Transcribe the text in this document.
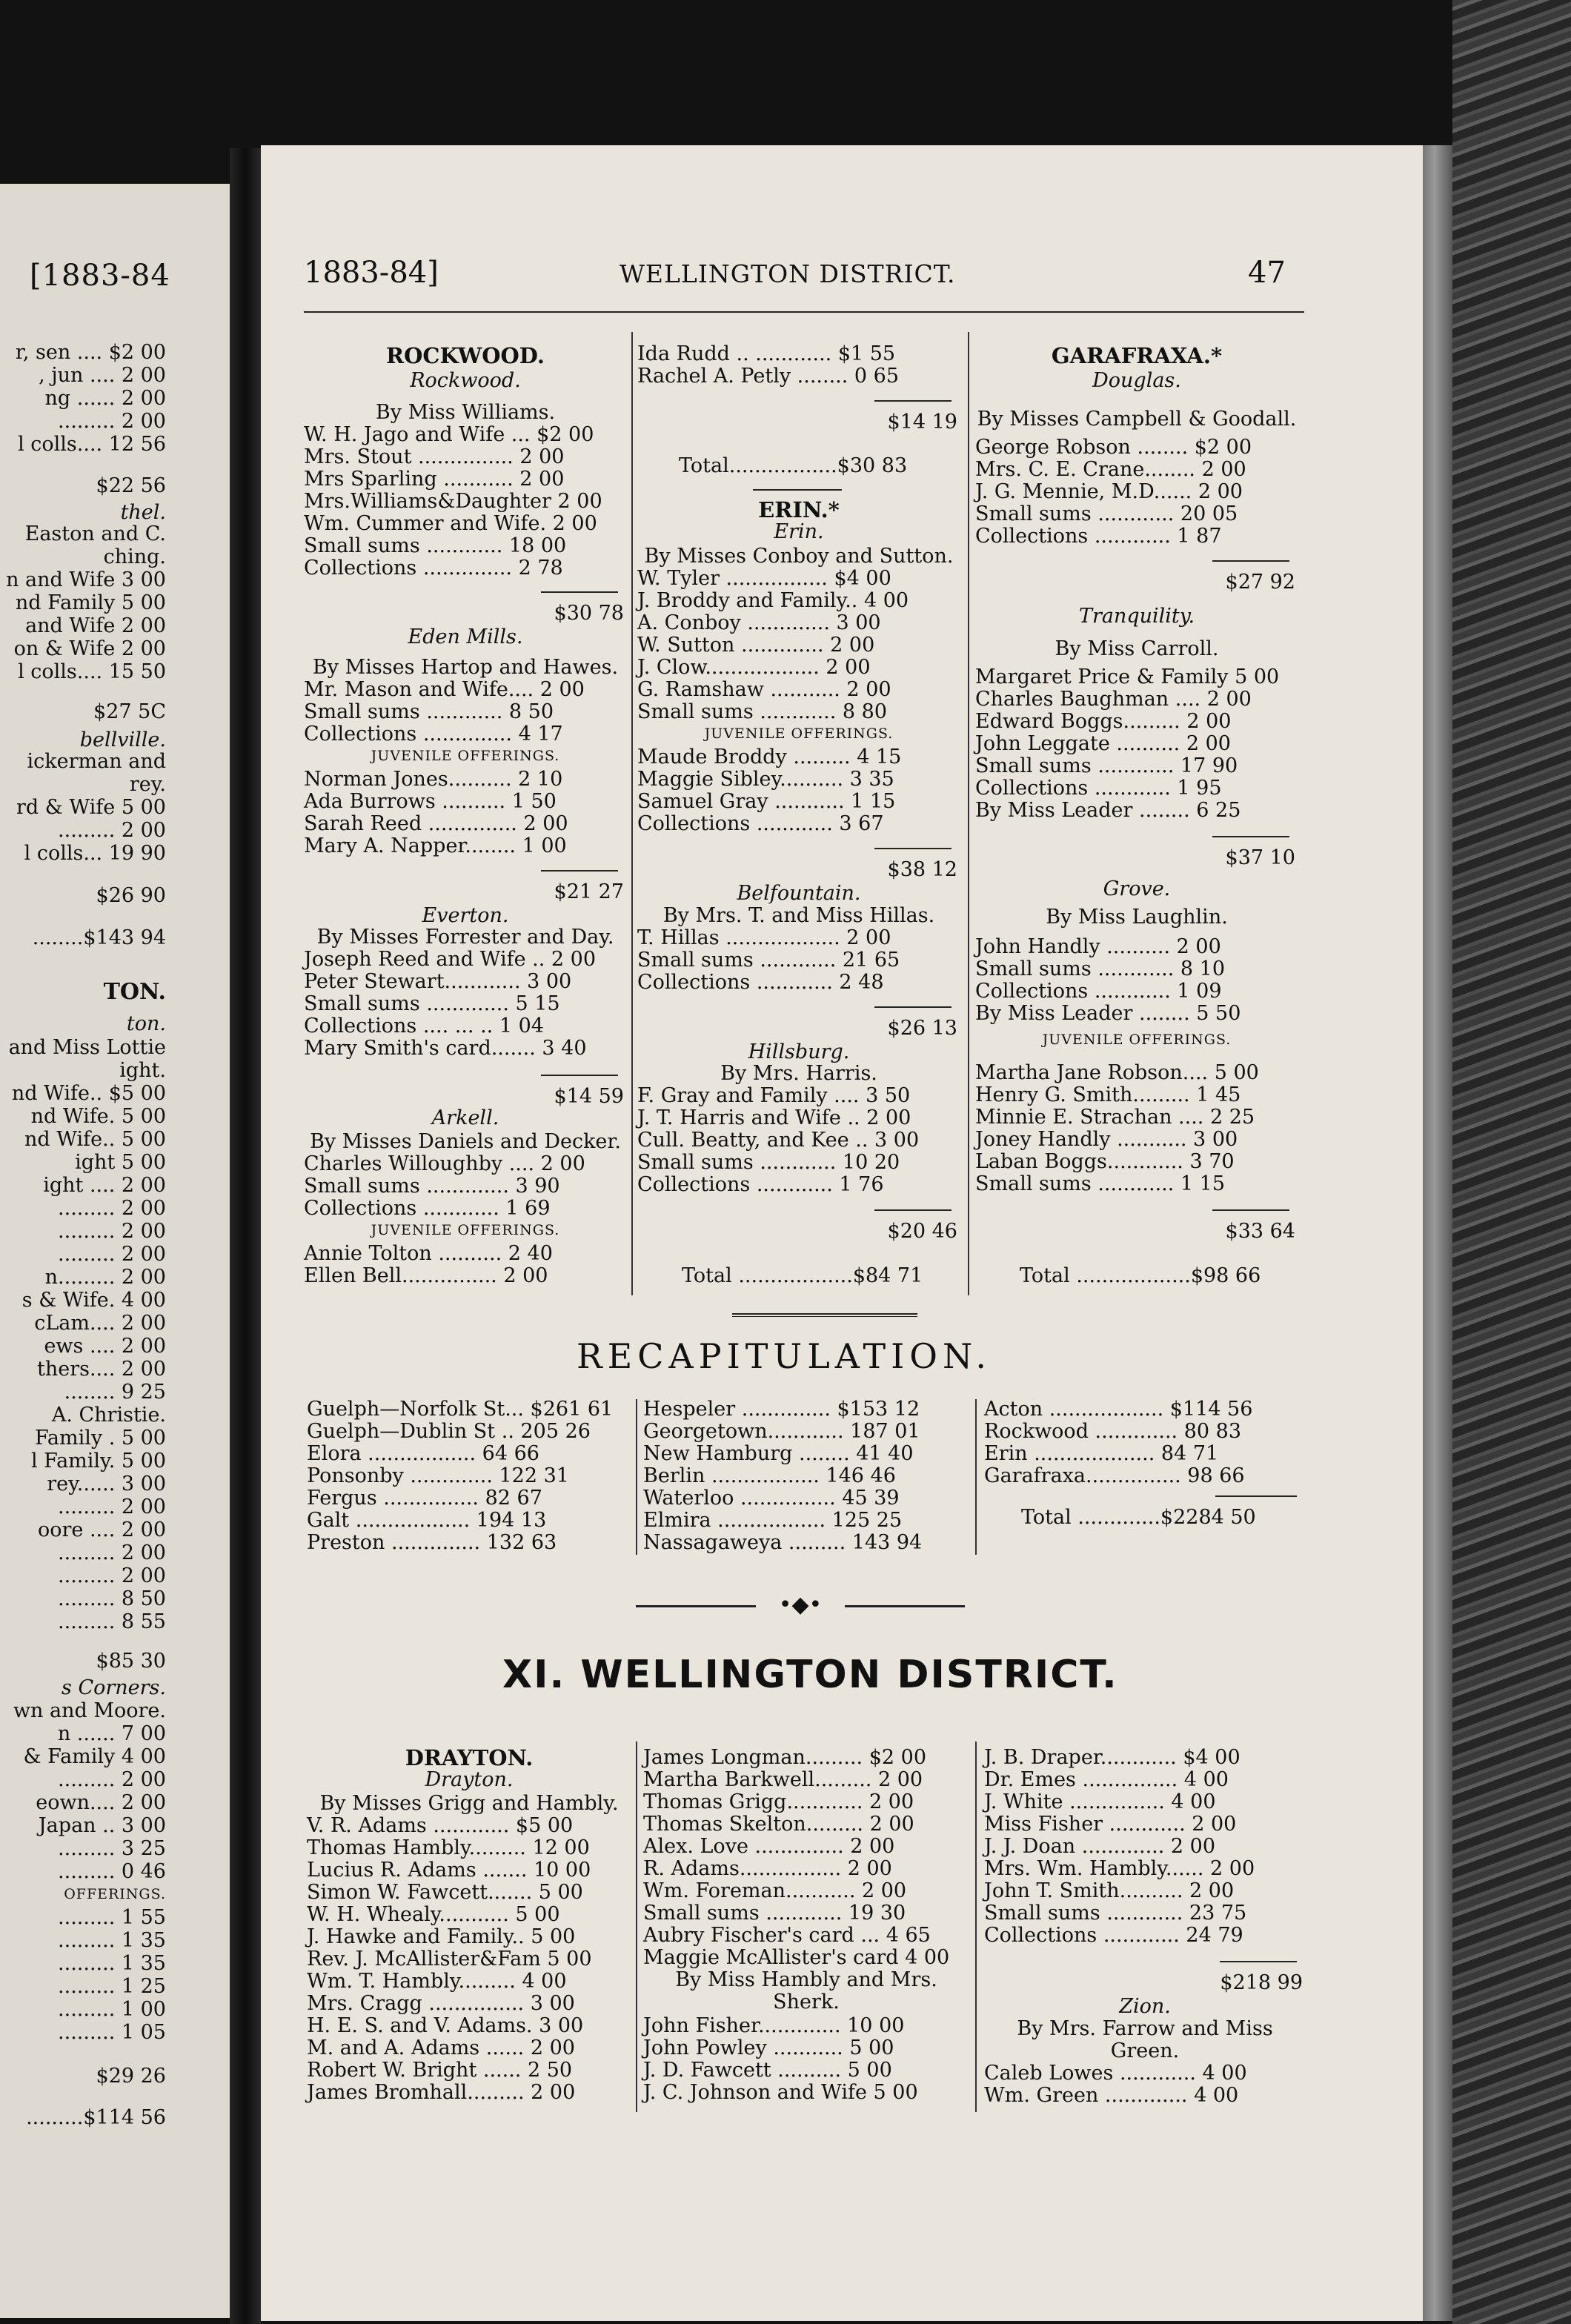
[1883-84
r, sen .... $2 00
, jun .... 2 00
ng ...... 2 00
......... 2 00
l colls.... 12 56
$22 56
thel.
Easton and C.
ching.
n and Wife 3 00
nd Family 5 00
and Wife 2 00
on & Wife 2 00
l colls.... 15 50
$27 5C
bellville.
ickerman and
rey.
rd & Wife 5 00
......... 2 00
l colls... 19 90
$26 90
........$143 94
TON.
ton.
and Miss Lottie
ight.
nd Wife.. $5 00
nd Wife. 5 00
nd Wife.. 5 00
ight 5 00
ight .... 2 00
......... 2 00
......... 2 00
......... 2 00
n......... 2 00
s & Wife. 4 00
cLam.... 2 00
ews .... 2 00
thers.... 2 00
........ 9 25
A. Christie.
Family . 5 00
l Family. 5 00
rey...... 3 00
......... 2 00
oore .... 2 00
......... 2 00
......... 2 00
......... 8 50
......... 8 55
$85 30
s Corners.
wn and Moore.
n ...... 7 00
& Family 4 00
......... 2 00
eown.... 2 00
Japan .. 3 00
......... 3 25
......... 0 46
OFFERINGS.
......... 1 55
......... 1 35
......... 1 35
......... 1 25
......... 1 00
......... 1 05
$29 26
.........$114 56
1883-84]	WELLINGTON DISTRICT.	47
ROCKWOOD.
Rockwood.
By Miss Williams.
W. H. Jago and Wife ... $2 00
Mrs. Stout ............... 2 00
Mrs Sparling ........... 2 00
Mrs.Williams&Daughter 2 00
Wm. Cummer and Wife. 2 00
Small sums ............ 18 00
Collections .............. 2 78
$30 78
Eden Mills.
By Misses Hartop and Hawes.
Mr. Mason and Wife.... 2 00
Small sums ............ 8 50
Collections .............. 4 17
JUVENILE OFFERINGS.
Norman Jones.......... 2 10
Ada Burrows .......... 1 50
Sarah Reed .............. 2 00
Mary A. Napper........ 1 00
$21 27
Everton.
By Misses Forrester and Day.
Joseph Reed and Wife .. 2 00
Peter Stewart............ 3 00
Small sums ............. 5 15
Collections .... ... .. 1 04
Mary Smith's card....... 3 40
$14 59
Arkell.
By Misses Daniels and Decker.
Charles Willoughby .... 2 00
Small sums ............. 3 90
Collections ............ 1 69
JUVENILE OFFERINGS.
Annie Tolton .......... 2 40
Ellen Bell............... 2 00
Ida Rudd .. ............ $1 55
Rachel A. Petly ........ 0 65
$14 19
Total.................$30 83
ERIN.*
Erin.
By Misses Conboy and Sutton.
W. Tyler ................ $4 00
J. Broddy and Family.. 4 00
A. Conboy ............. 3 00
W. Sutton ............. 2 00
J. Clow.................. 2 00
G. Ramshaw ........... 2 00
Small sums ............ 8 80
JUVENILE OFFERINGS.
Maude Broddy ......... 4 15
Maggie Sibley.......... 3 35
Samuel Gray ........... 1 15
Collections ............ 3 67
$38 12
Belfountain.
By Mrs. T. and Miss Hillas.
T. Hillas .................. 2 00
Small sums ............ 21 65
Collections ............ 2 48
$26 13
Hillsburg.
By Mrs. Harris.
F. Gray and Family .... 3 50
J. T. Harris and Wife .. 2 00
Cull. Beatty, and Kee .. 3 00
Small sums ............ 10 20
Collections ............ 1 76
$20 46
Total ..................$84 71
GARAFRAXA.*
Douglas.
By Misses Campbell & Goodall.
George Robson ........ $2 00
Mrs. C. E. Crane........ 2 00
J. G. Mennie, M.D...... 2 00
Small sums ............ 20 05
Collections ............ 1 87
$27 92
Tranquility.
By Miss Carroll.
Margaret Price & Family 5 00
Charles Baughman .... 2 00
Edward Boggs......... 2 00
John Leggate .......... 2 00
Small sums ............ 17 90
Collections ............ 1 95
By Miss Leader ........ 6 25
$37 10
Grove.
By Miss Laughlin.
John Handly .......... 2 00
Small sums ............ 8 10
Collections ............ 1 09
By Miss Leader ........ 5 50
JUVENILE OFFERINGS.
Martha Jane Robson.... 5 00
Henry G. Smith......... 1 45
Minnie E. Strachan .... 2 25
Joney Handly ........... 3 00
Laban Boggs............ 3 70
Small sums ............ 1 15
$33 64
Total ..................$98 66
RECAPITULATION.
Guelph—Norfolk St... $261 61
Guelph—Dublin St .. 205 26
Elora ................. 64 66
Ponsonby ............. 122 31
Fergus ............... 82 67
Galt .................. 194 13
Preston .............. 132 63
Hespeler .............. $153 12
Georgetown............ 187 01
New Hamburg ........ 41 40
Berlin ................. 146 46
Waterloo ............... 45 39
Elmira ................. 125 25
Nassagaweya ......... 143 94
Acton .................. $114 56
Rockwood ............. 80 83
Erin ................... 84 71
Garafraxa............... 98 66
Total .............$2284 50
•◆•
XI. WELLINGTON DISTRICT.
DRAYTON.
Drayton.
By Misses Grigg and Hambly.
V. R. Adams ............ $5 00
Thomas Hambly......... 12 00
Lucius R. Adams ....... 10 00
Simon W. Fawcett....... 5 00
W. H. Whealy........... 5 00
J. Hawke and Family.. 5 00
Rev. J. McAllister&Fam 5 00
Wm. T. Hambly......... 4 00
Mrs. Cragg ............... 3 00
H. E. S. and V. Adams. 3 00
M. and A. Adams ...... 2 00
Robert W. Bright ...... 2 50
James Bromhall......... 2 00
James Longman......... $2 00
Martha Barkwell......... 2 00
Thomas Grigg............ 2 00
Thomas Skelton......... 2 00
Alex. Love .............. 2 00
R. Adams................ 2 00
Wm. Foreman........... 2 00
Small sums ............ 19 30
Aubry Fischer's card ... 4 65
Maggie McAllister's card 4 00
By Miss Hambly and Mrs.
Sherk.
John Fisher............. 10 00
John Powley ........... 5 00
J. D. Fawcett .......... 5 00
J. C. Johnson and Wife 5 00
J. B. Draper............ $4 00
Dr. Emes ............... 4 00
J. White ............... 4 00
Miss Fisher ............ 2 00
J. J. Doan ............. 2 00
Mrs. Wm. Hambly...... 2 00
John T. Smith.......... 2 00
Small sums ............ 23 75
Collections ............ 24 79
$218 99
Zion.
By Mrs. Farrow and Miss
Green.
Caleb Lowes ............ 4 00
Wm. Green ............. 4 00
